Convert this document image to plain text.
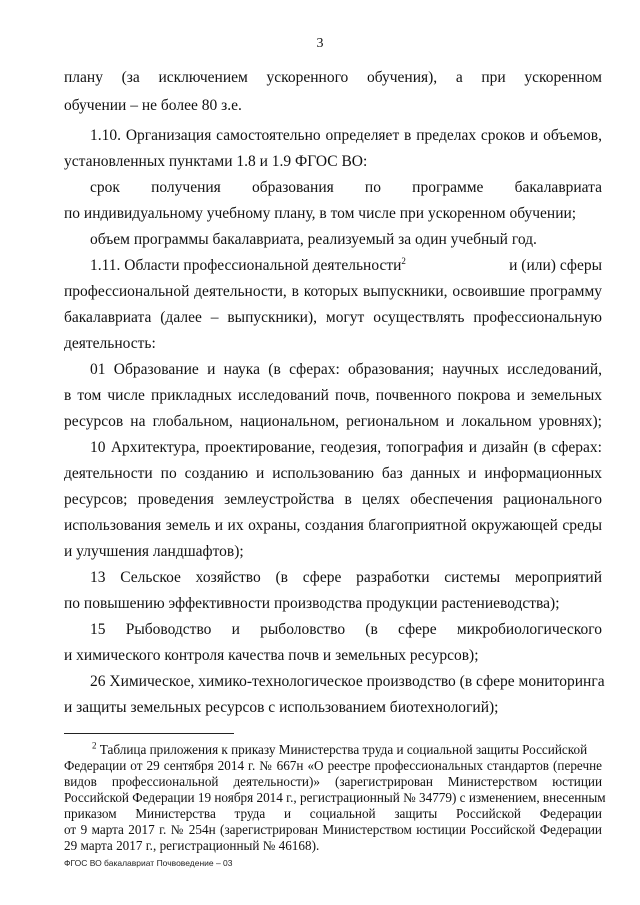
3
плану (за исключением ускоренного обучения), а при ускоренном
обучении – не более 80 з.е.
1.10. Организация самостоятельно определяет в пределах сроков и объемов,
установленных пунктами 1.8 и 1.9 ФГОС ВО:
срок получения образования по программе бакалавриата
по индивидуальному учебному плану, в том числе при ускоренном обучении;
объем программы бакалавриата, реализуемый за один учебный год.
1.11. Области профессиональной деятельности$^2$	и (или) сферы
профессиональной деятельности, в которых выпускники, освоившие программу
бакалавриата (далее – выпускники), могут осуществлять профессиональную
деятельность:
01 Образование и наука (в сферах: образования; научных исследований,
в том числе прикладных исследований почв, почвенного покрова и земельных
ресурсов на глобальном, национальном, региональном и локальном уровнях);
10 Архитектура, проектирование, геодезия, топография и дизайн (в сферах:
деятельности по созданию и использованию баз данных и информационных
ресурсов; проведения землеустройства в целях обеспечения рационального
использования земель и их охраны, создания благоприятной окружающей среды
и улучшения ландшафтов);
13 Сельское хозяйство (в сфере разработки системы мероприятий
по повышению эффективности производства продукции растениеводства);
15 Рыбоводство и рыболовство (в сфере микробиологического
и химического контроля качества почв и земельных ресурсов);
26 Химическое, химико-технологическое производство (в сфере мониторинга
и защиты земельных ресурсов с использованием биотехнологий);
$^2$ Таблица приложения к приказу Министерства труда и социальной защиты Российской
Федерации от 29 сентября 2014 г. № 667н «О реестре профессиональных стандартов (перечне
видов профессиональной деятельности)» (зарегистрирован Министерством юстиции
Российской Федерации 19 ноября 2014 г., регистрационный № 34779) с изменением, внесенным
приказом Министерства труда и социальной защиты Российской Федерации
от 9 марта 2017 г. № 254н (зарегистрирован Министерством юстиции Российской Федерации
29 марта 2017 г., регистрационный № 46168).
ФГОС ВО бакалавриат Почвоведение – 03
